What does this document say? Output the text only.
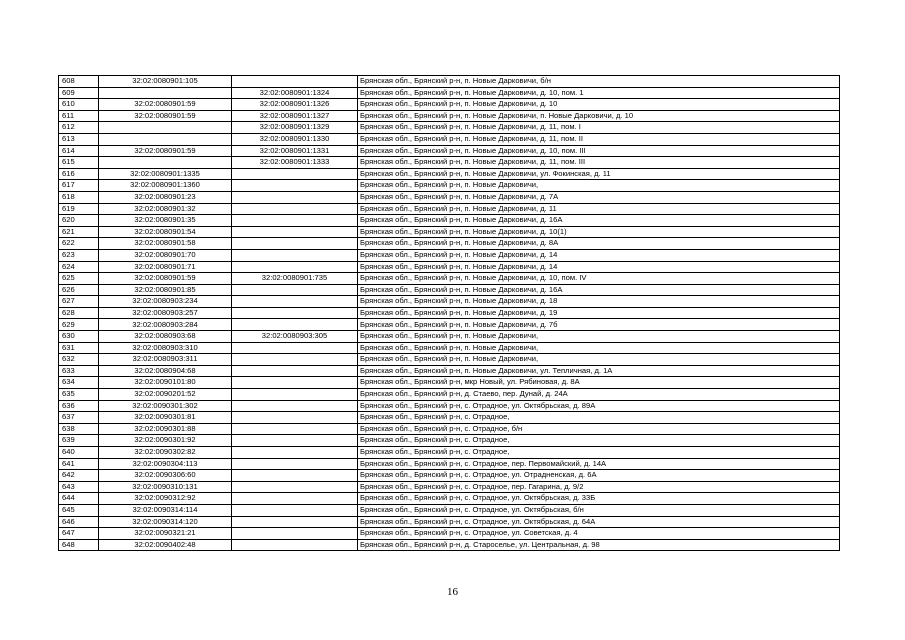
608	32:02:0080901:105		Брянская обл., Брянский р-н, п. Новые Дарковичи, б/н
609		32:02:0080901:1324	Брянская обл., Брянский р-н, п. Новые Дарковичи, д. 10, пом. 1
610	32:02:0080901:59	32:02:0080901:1326	Брянская обл., Брянский р-н, п. Новые Дарковичи, д. 10
611	32:02:0080901:59	32:02:0080901:1327	Брянская обл., Брянский р-н, п. Новые Дарковичи, п. Новые Дарковичи, д. 10
612		32:02:0080901:1329	Брянская обл., Брянский р-н, п. Новые Дарковичи, д. 11, пом. I
613		32:02:0080901:1330	Брянская обл., Брянский р-н, п. Новые Дарковичи, д. 11, пом. II
614	32:02:0080901:59	32:02:0080901:1331	Брянская обл., Брянский р-н, п. Новые Дарковичи, д. 10, пом. III
615		32:02:0080901:1333	Брянская обл., Брянский р-н, п. Новые Дарковичи, д. 11, пом. III
616	32:02:0080901:1335		Брянская обл., Брянский р-н, п. Новые Дарковичи, ул. Фокинская, д. 11
617	32:02:0080901:1360		Брянская обл., Брянский р-н, п. Новые Дарковичи,
618	32:02:0080901:23		Брянская обл., Брянский р-н, п. Новые Дарковичи, д. 7А
619	32:02:0080901:32		Брянская обл., Брянский р-н, п. Новые Дарковичи, д. 11
620	32:02:0080901:35		Брянская обл., Брянский р-н, п. Новые Дарковичи, д. 16А
621	32:02:0080901:54		Брянская обл., Брянский р-н, п. Новые Дарковичи, д. 10(1)
622	32:02:0080901:58		Брянская обл., Брянский р-н, п. Новые Дарковичи, д. 8А
623	32:02:0080901:70		Брянская обл., Брянский р-н, п. Новые Дарковичи, д. 14
624	32:02:0080901:71		Брянская обл., Брянский р-н, п. Новые Дарковичи, д. 14
625	32:02:0080901:59	32:02:0080901:735	Брянская обл., Брянский р-н, п. Новые Дарковичи, д. 10, пом. IV
626	32:02:0080901:85		Брянская обл., Брянский р-н, п. Новые Дарковичи, д. 16А
627	32:02:0080903:234		Брянская обл., Брянский р-н, п. Новые Дарковичи, д. 18
628	32:02:0080903:257		Брянская обл., Брянский р-н, п. Новые Дарковичи, д. 19
629	32:02:0080903:284		Брянская обл., Брянский р-н, п. Новые Дарковичи, д. 7б
630	32:02:0080903:68	32:02:0080903:305	Брянская обл., Брянский р-н, п. Новые Дарковичи,
631	32:02:0080903:310		Брянская обл., Брянский р-н, п. Новые Дарковичи,
632	32:02:0080903:311		Брянская обл., Брянский р-н, п. Новые Дарковичи,
633	32:02:0080904:68		Брянская обл., Брянский р-н, п. Новые Дарковичи, ул. Тепличная, д. 1А
634	32:02:0090101:80		Брянская обл., Брянский р-н, мкр Новый, ул. Рябиновая, д. 8А
635	32:02:0090201:52		Брянская обл., Брянский р-н, д. Стаево, пер. Дунай, д. 24А
636	32:02:0090301:302		Брянская обл., Брянский р-н, с. Отрадное, ул. Октябрьская, д. 89А
637	32:02:0090301:81		Брянская обл., Брянский р-н, с. Отрадное,
638	32:02:0090301:88		Брянская обл., Брянский р-н, с. Отрадное, б/н
639	32:02:0090301:92		Брянская обл., Брянский р-н, с. Отрадное,
640	32:02:0090302:82		Брянская обл., Брянский р-н, с. Отрадное,
641	32:02:0090304:113		Брянская обл., Брянский р-н, с. Отрадное, пер. Первомайский, д. 14А
642	32:02:0090306:60		Брянская обл., Брянский р-н, с. Отрадное, ул. Отрадненская, д. 6А
643	32:02:0090310:131		Брянская обл., Брянский р-н, с. Отрадное, пер. Гагарина, д. 9/2
644	32:02:0090312:92		Брянская обл., Брянский р-н, с. Отрадное, ул. Октябрьская, д. 33Б
645	32:02:0090314:114		Брянская обл., Брянский р-н, с. Отрадное, ул. Октябрьская, б/н
646	32:02:0090314:120		Брянская обл., Брянский р-н, с. Отрадное, ул. Октябрьская, д. 64А
647	32:02:0090321:21		Брянская обл., Брянский р-н, с. Отрадное, ул. Советская, д. 4
648	32:02:0090402:48		Брянская обл., Брянский р-н, д. Староселье, ул. Центральная, д. 98
16
